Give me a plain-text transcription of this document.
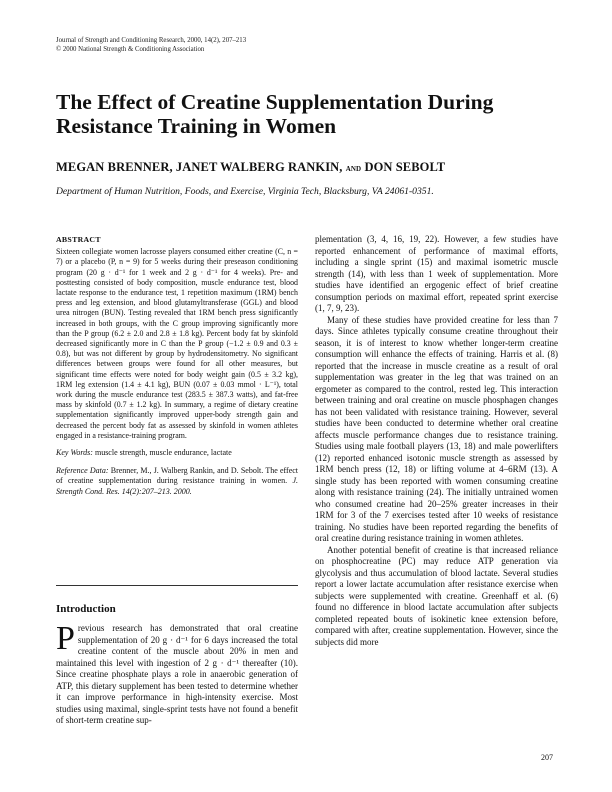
Journal of Strength and Conditioning Research, 2000, 14(2), 207–213
© 2000 National Strength & Conditioning Association
The Effect of Creatine Supplementation During Resistance Training in Women
MEGAN BRENNER, JANET WALBERG RANKIN, and DON SEBOLT
Department of Human Nutrition, Foods, and Exercise, Virginia Tech, Blacksburg, VA 24061-0351.

ABSTRACT

Sixteen collegiate women lacrosse players consumed either creatine (C, n = 7) or a placebo (P, n = 9) for 5 weeks during their preseason conditioning program (20 g · d⁻¹ for 1 week and 2 g · d⁻¹ for 4 weeks). Pre- and posttesting consisted of body composition, muscle endurance test, blood lactate response to the endurance test, 1 repetition maximum (1RM) bench press and leg extension, and blood glutamyltransferase (GGL) and blood urea nitrogen (BUN). Testing revealed that 1RM bench press significantly increased in both groups, with the C group improving significantly more than the P group (6.2 ± 2.0 and 2.8 ± 1.8 kg). Percent body fat by skinfold decreased significantly more in C than the P group (−1.2 ± 0.9 and 0.3 ± 0.8), but was not different by group by hydrodensitometry. No significant differences between groups were found for all other measures, but significant time effects were noted for body weight gain (0.5 ± 3.2 kg), 1RM leg extension (1.4 ± 4.1 kg), BUN (0.07 ± 0.03 mmol · L⁻¹), total work during the muscle endurance test (283.5 ± 387.3 watts), and fat-free mass by skinfold (0.7 ± 1.2 kg). In summary, a regime of dietary creatine supplementation significantly improved upper-body strength gain and decreased the percent body fat as assessed by skinfold in women athletes engaged in a resistance-training program.

Key Words: muscle strength, muscle endurance, lactate

Reference Data: Brenner, M., J. Walberg Rankin, and D. Sebolt. The effect of creatine supplementation during resistance training in women. J. Strength Cond. Res. 14(2):207–213. 2000.

Introduction

Previous research has demonstrated that oral creatine supplementation of 20 g · d⁻¹ for 6 days increased the total creatine content of the muscle about 20% in men and maintained this level with ingestion of 2 g · d⁻¹ thereafter (10). Since creatine phosphate plays a role in anaerobic generation of ATP, this dietary supplement has been tested to determine whether it can improve performance in high-intensity exercise. Most studies using maximal, single-sprint tests have not found a benefit of short-term creatine sup-

plementation (3, 4, 16, 19, 22). However, a few studies have reported enhancement of performance of maximal efforts, including a single sprint (15) and maximal isometric muscle strength (14), with less than 1 week of supplementation. More studies have identified an ergogenic effect of brief creatine consumption periods on maximal effort, repeated sprint exercise (1, 7, 9, 23).

Many of these studies have provided creatine for less than 7 days. Since athletes typically consume creatine throughout their season, it is of interest to know whether longer-term creatine consumption will enhance the effects of training. Harris et al. (8) reported that the increase in muscle creatine as a result of oral supplementation was greater in the leg that was trained on an ergometer as compared to the control, rested leg. This interaction between training and oral creatine on muscle phosphagen changes has not been validated with resistance training. However, several studies have been conducted to determine whether oral creatine affects muscle performance changes due to resistance training. Studies using male football players (13, 18) and male powerlifters (12) reported enhanced isotonic muscle strength as assessed by 1RM bench press (12, 18) or lifting volume at 4–6RM (13). A single study has been reported with women consuming creatine along with resistance training (24). The initially untrained women who consumed creatine had 20–25% greater increases in their 1RM for 3 of the 7 exercises tested after 10 weeks of resistance training. No studies have been reported regarding the benefits of oral creatine during resistance training in women athletes.

Another potential benefit of creatine is that increased reliance on phosphocreatine (PC) may reduce ATP generation via glycolysis and thus accumulation of blood lactate. Several studies report a lower lactate accumulation after resistance exercise when subjects were supplemented with creatine. Greenhaff et al. (6) found no difference in blood lactate accumulation after subjects completed repeated bouts of isokinetic knee extension before, compared with after, creatine supplementation. However, since the subjects did more

207
